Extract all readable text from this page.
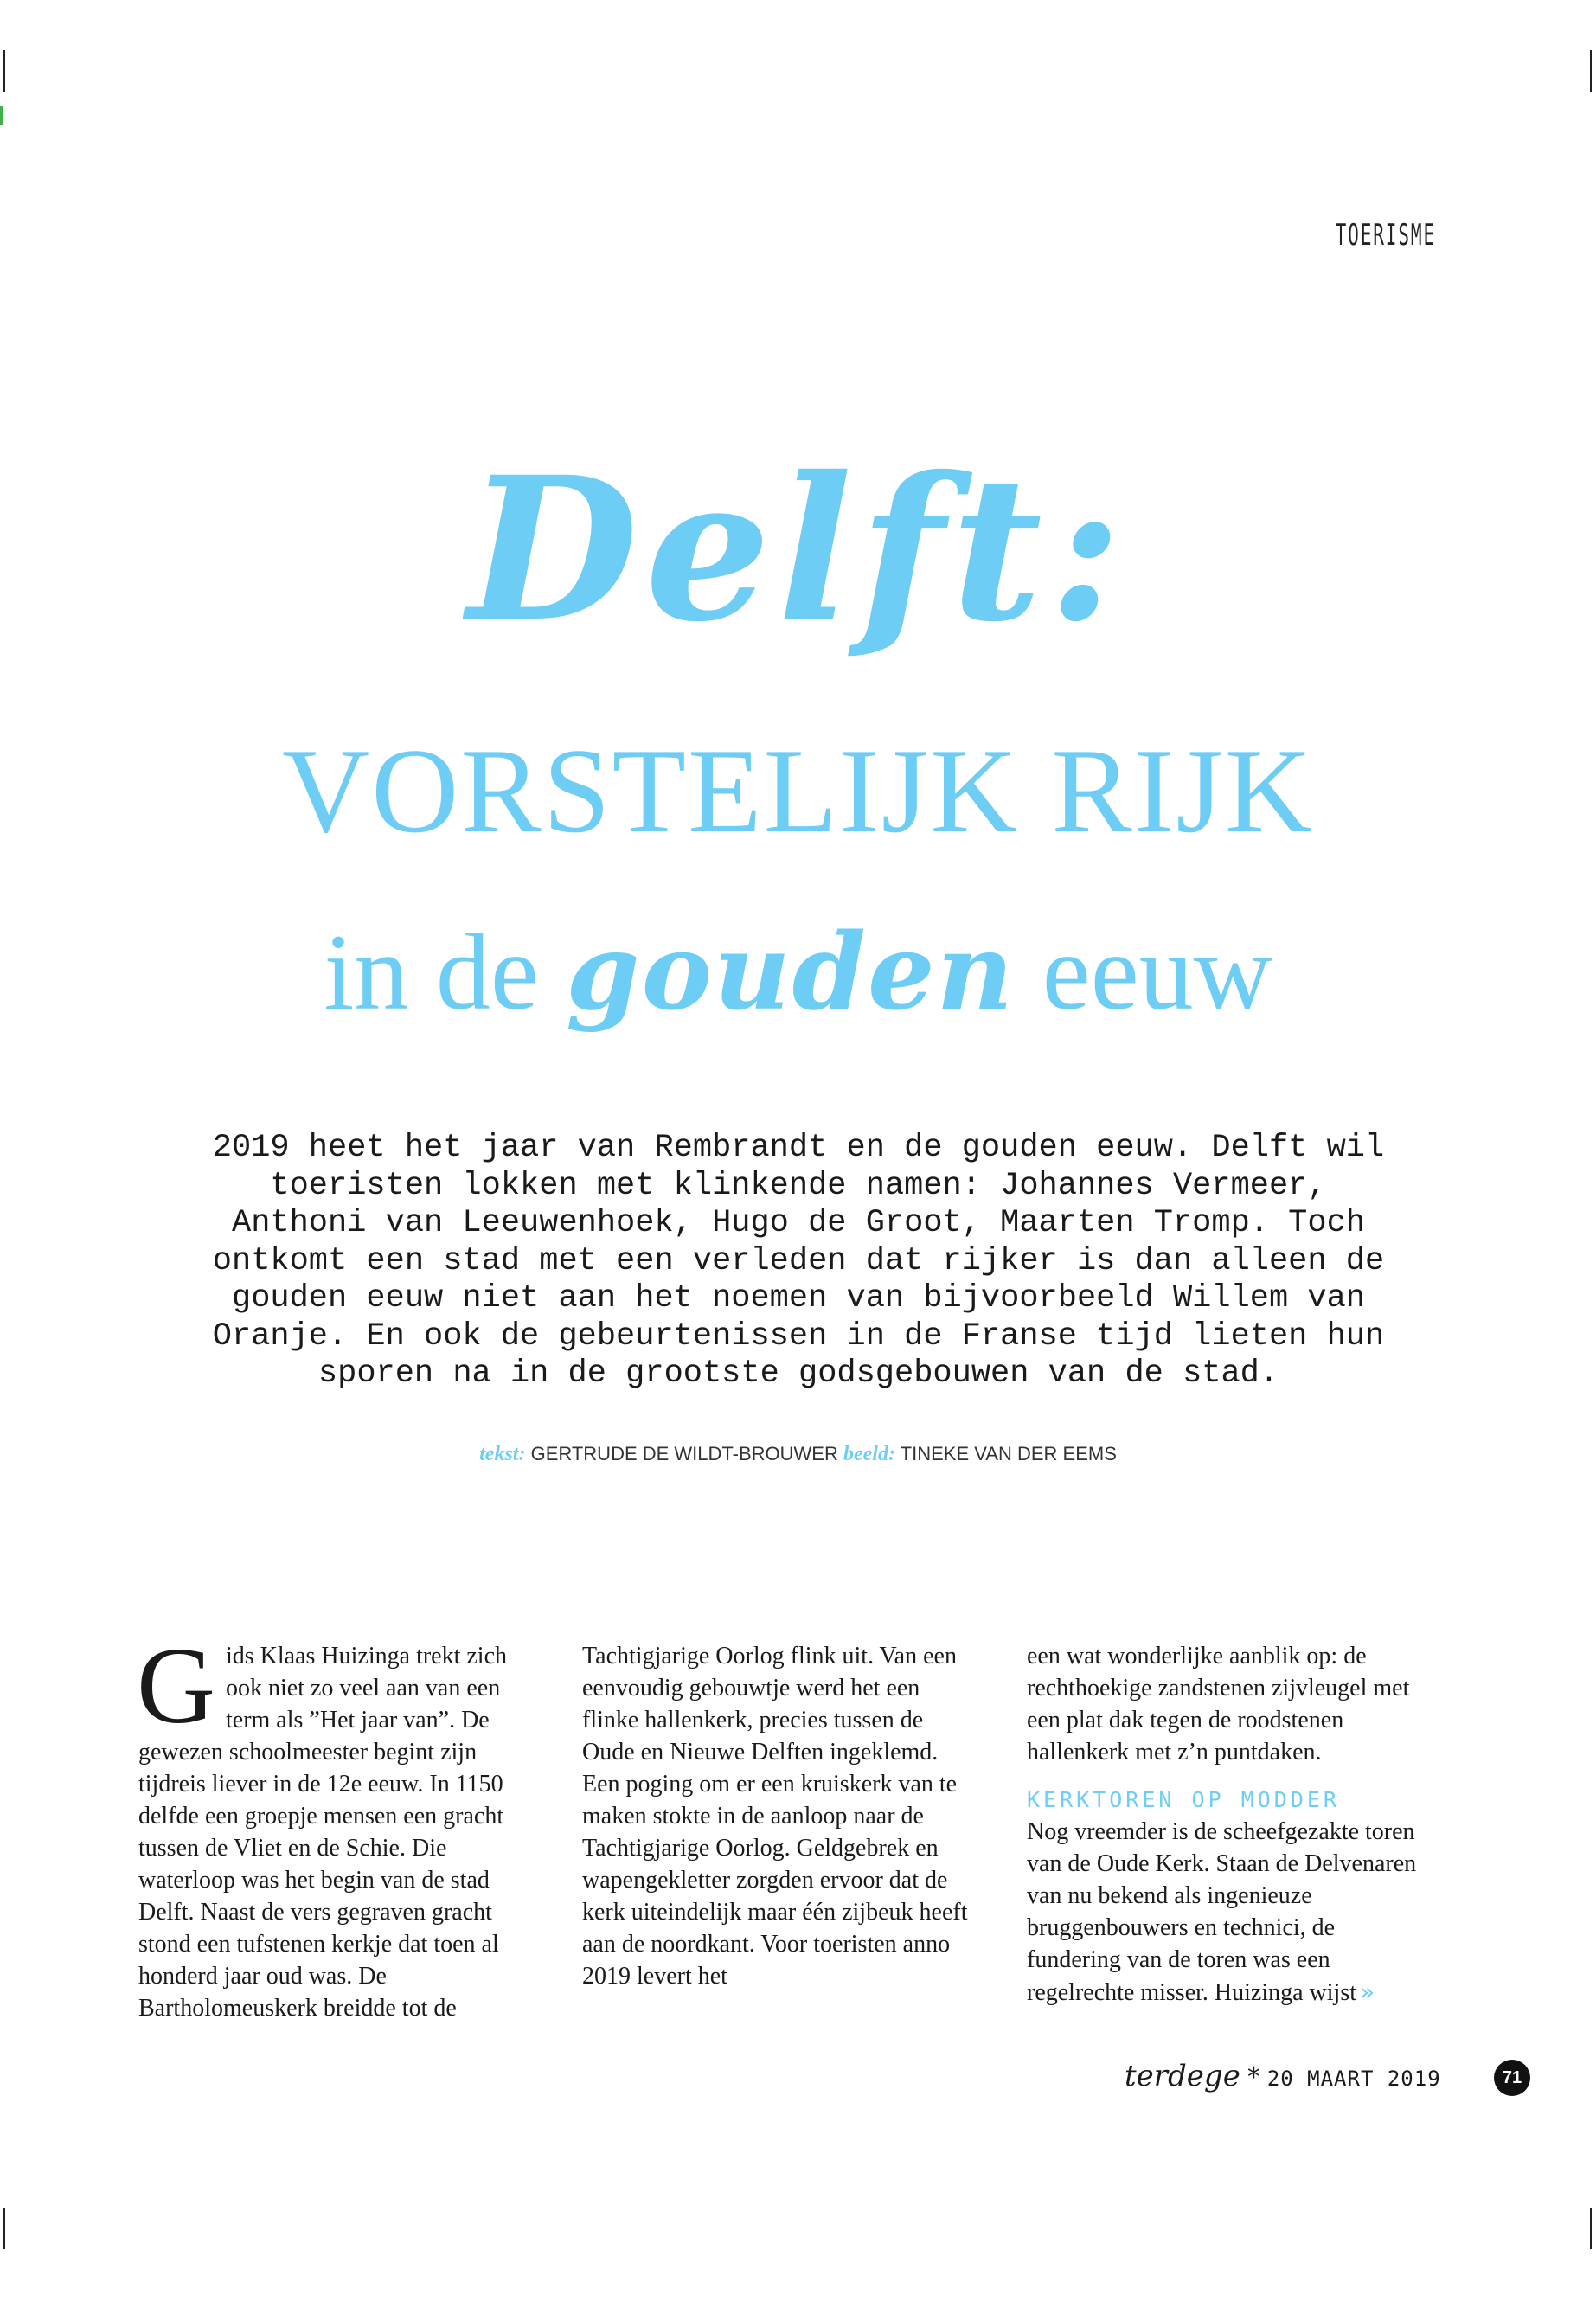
TOERISME
Delft:
VORSTELIJK RIJK
in de gouden eeuw
2019 heet het jaar van Rembrandt en de gouden eeuw. Delft wil toeristen lokken met klinkende namen: Johannes Vermeer, Anthoni van Leeuwenhoek, Hugo de Groot, Maarten Tromp. Toch ontkomt een stad met een verleden dat rijker is dan alleen de gouden eeuw niet aan het noemen van bijvoorbeeld Willem van Oranje. En ook de gebeurtenissen in de Franse tijd lieten hun sporen na in de grootste godsgebouwen van de stad.
tekst: GERTRUDE DE WILDT-BROUWER beeld: TINEKE VAN DER EEMS
G ids Klaas Huizinga trekt zich ook niet zo veel aan van een term als ”Het jaar van”. De gewezen schoolmeester begint zijn tijdreis liever in de 12e eeuw. In 1150 delfde een groepje mensen een gracht tussen de Vliet en de Schie. Die waterloop was het begin van de stad Delft. Naast de vers gegraven gracht stond een tufstenen kerkje dat toen al honderd jaar oud was. De Bartholomeuskerk breidde tot de

Tachtigjarige Oorlog flink uit. Van een eenvoudig gebouwtje werd het een flinke hallenkerk, precies tussen de Oude en Nieuwe Delften ingeklemd.

Een poging om er een kruiskerk van te maken stokte in de aanloop naar de Tachtigjarige Oorlog. Geldgebrek en wapengekletter zorgden ervoor dat de kerk uiteindelijk maar één zijbeuk heeft aan de noordkant. Voor toeristen anno 2019 levert het

een wat wonderlijke aanblik op: de rechthoekige zandstenen zijvleugel met een plat dak tegen de roodstenen hallenkerk met z’n puntdaken.

KERKTOREN OP MODDER

Nog vreemder is de scheefgezakte toren van de Oude Kerk. Staan de Delvenaren van nu bekend als ingenieuze bruggenbouwers en technici, de fundering van de toren was een regelrechte misser. Huizinga wijst »

terdege * 20 MAART 2019	71
